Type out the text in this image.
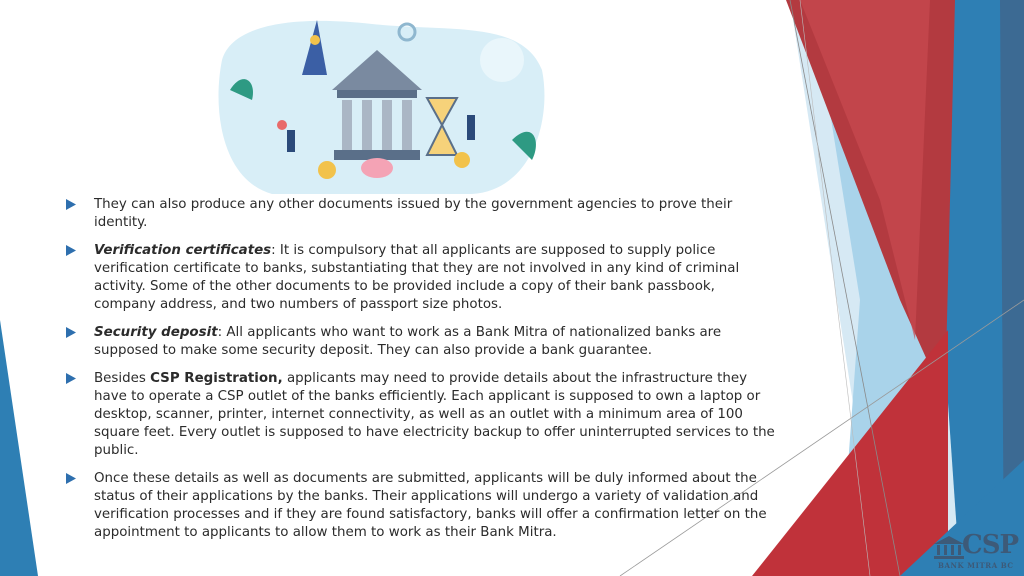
They can also produce any other documents issued by the government agencies to prove their identity.
Verification certificates: It is compulsory that all applicants are supposed to supply police verification certificate to banks, substantiating that they are not involved in any kind of criminal activity. Some of the other documents to be provided include a copy of their bank passbook, company address, and two numbers of passport size photos.
Security deposit: All applicants who want to work as a Bank Mitra of nationalized banks are supposed to make some security deposit. They can also provide a bank guarantee.
Besides CSP Registration, applicants may need to provide details about the infrastructure they have to operate a CSP outlet of the banks efficiently. Each applicant is supposed to own a laptop or desktop, scanner, printer, internet connectivity, as well as an outlet with a minimum area of 100 square feet. Every outlet is supposed to have electricity backup to offer uninterrupted services to the public.
Once these details as well as documents are submitted, applicants will be duly informed about the status of their applications by the banks. Their applications will undergo a variety of validation and verification processes and if they are found satisfactory, banks will offer a confirmation letter on the appointment to applicants to allow them to work as their Bank Mitra.	CSP
BANK MITRA BC
